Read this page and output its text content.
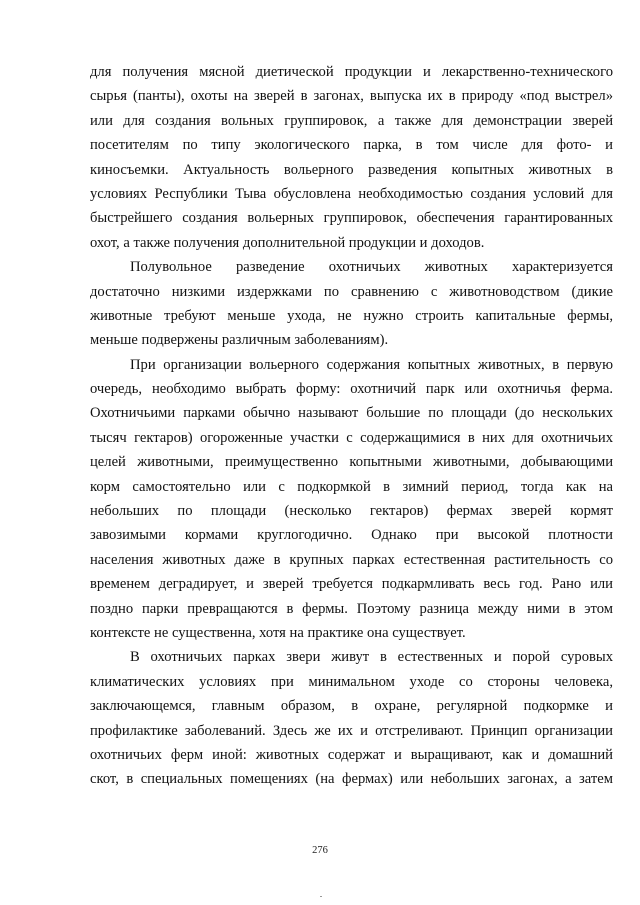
для получения мясной диетической продукции и лекарственно-технического
сырья (панты), охоты на зверей в загонах, выпуска их в природу «под выстрел»
или для создания вольных группировок, а также для демонстрации зверей
посетителям по типу экологического парка, в том числе для фото- и
киносъемки. Актуальность вольерного разведения копытных животных в
условиях Республики Тыва обусловлена необходимостью создания условий для
быстрейшего создания вольерных группировок, обеспечения гарантированных
охот, а также получения дополнительной продукции и доходов.
Полувольное разведение охотничьих животных характеризуется
достаточно низкими издержками по сравнению с животноводством (дикие
животные требуют меньше ухода, не нужно строить капитальные фермы,
меньше подвержены различным заболеваниям).
При организации вольерного содержания копытных животных, в первую
очередь, необходимо выбрать форму: охотничий парк или охотничья ферма.
Охотничьими парками обычно называют большие по площади (до нескольких
тысяч гектаров) огороженные участки с содержащимися в них для охотничьих
целей животными, преимущественно копытными животными, добывающими
корм самостоятельно или с подкормкой в зимний период, тогда как на
небольших по площади (несколько гектаров) фермах зверей кормят
завозимыми кормами круглогодично. Однако при высокой плотности
населения животных даже в крупных парках естественная растительность со
временем деградирует, и зверей требуется подкармливать весь год. Рано или
поздно парки превращаются в фермы. Поэтому разница между ними в этом
контексте не существенна, хотя на практике она существует.
В охотничьих парках звери живут в естественных и порой суровых
климатических условиях при минимальном уходе со стороны человека,
заключающемся, главным образом, в охране, регулярной подкормке и
профилактике заболеваний. Здесь же их и отстреливают. Принцип организации
охотничьих ферм иной: животных содержат и выращивают, как и домашний
скот, в специальных помещениях (на фермах) или небольших загонах, а затем
276
